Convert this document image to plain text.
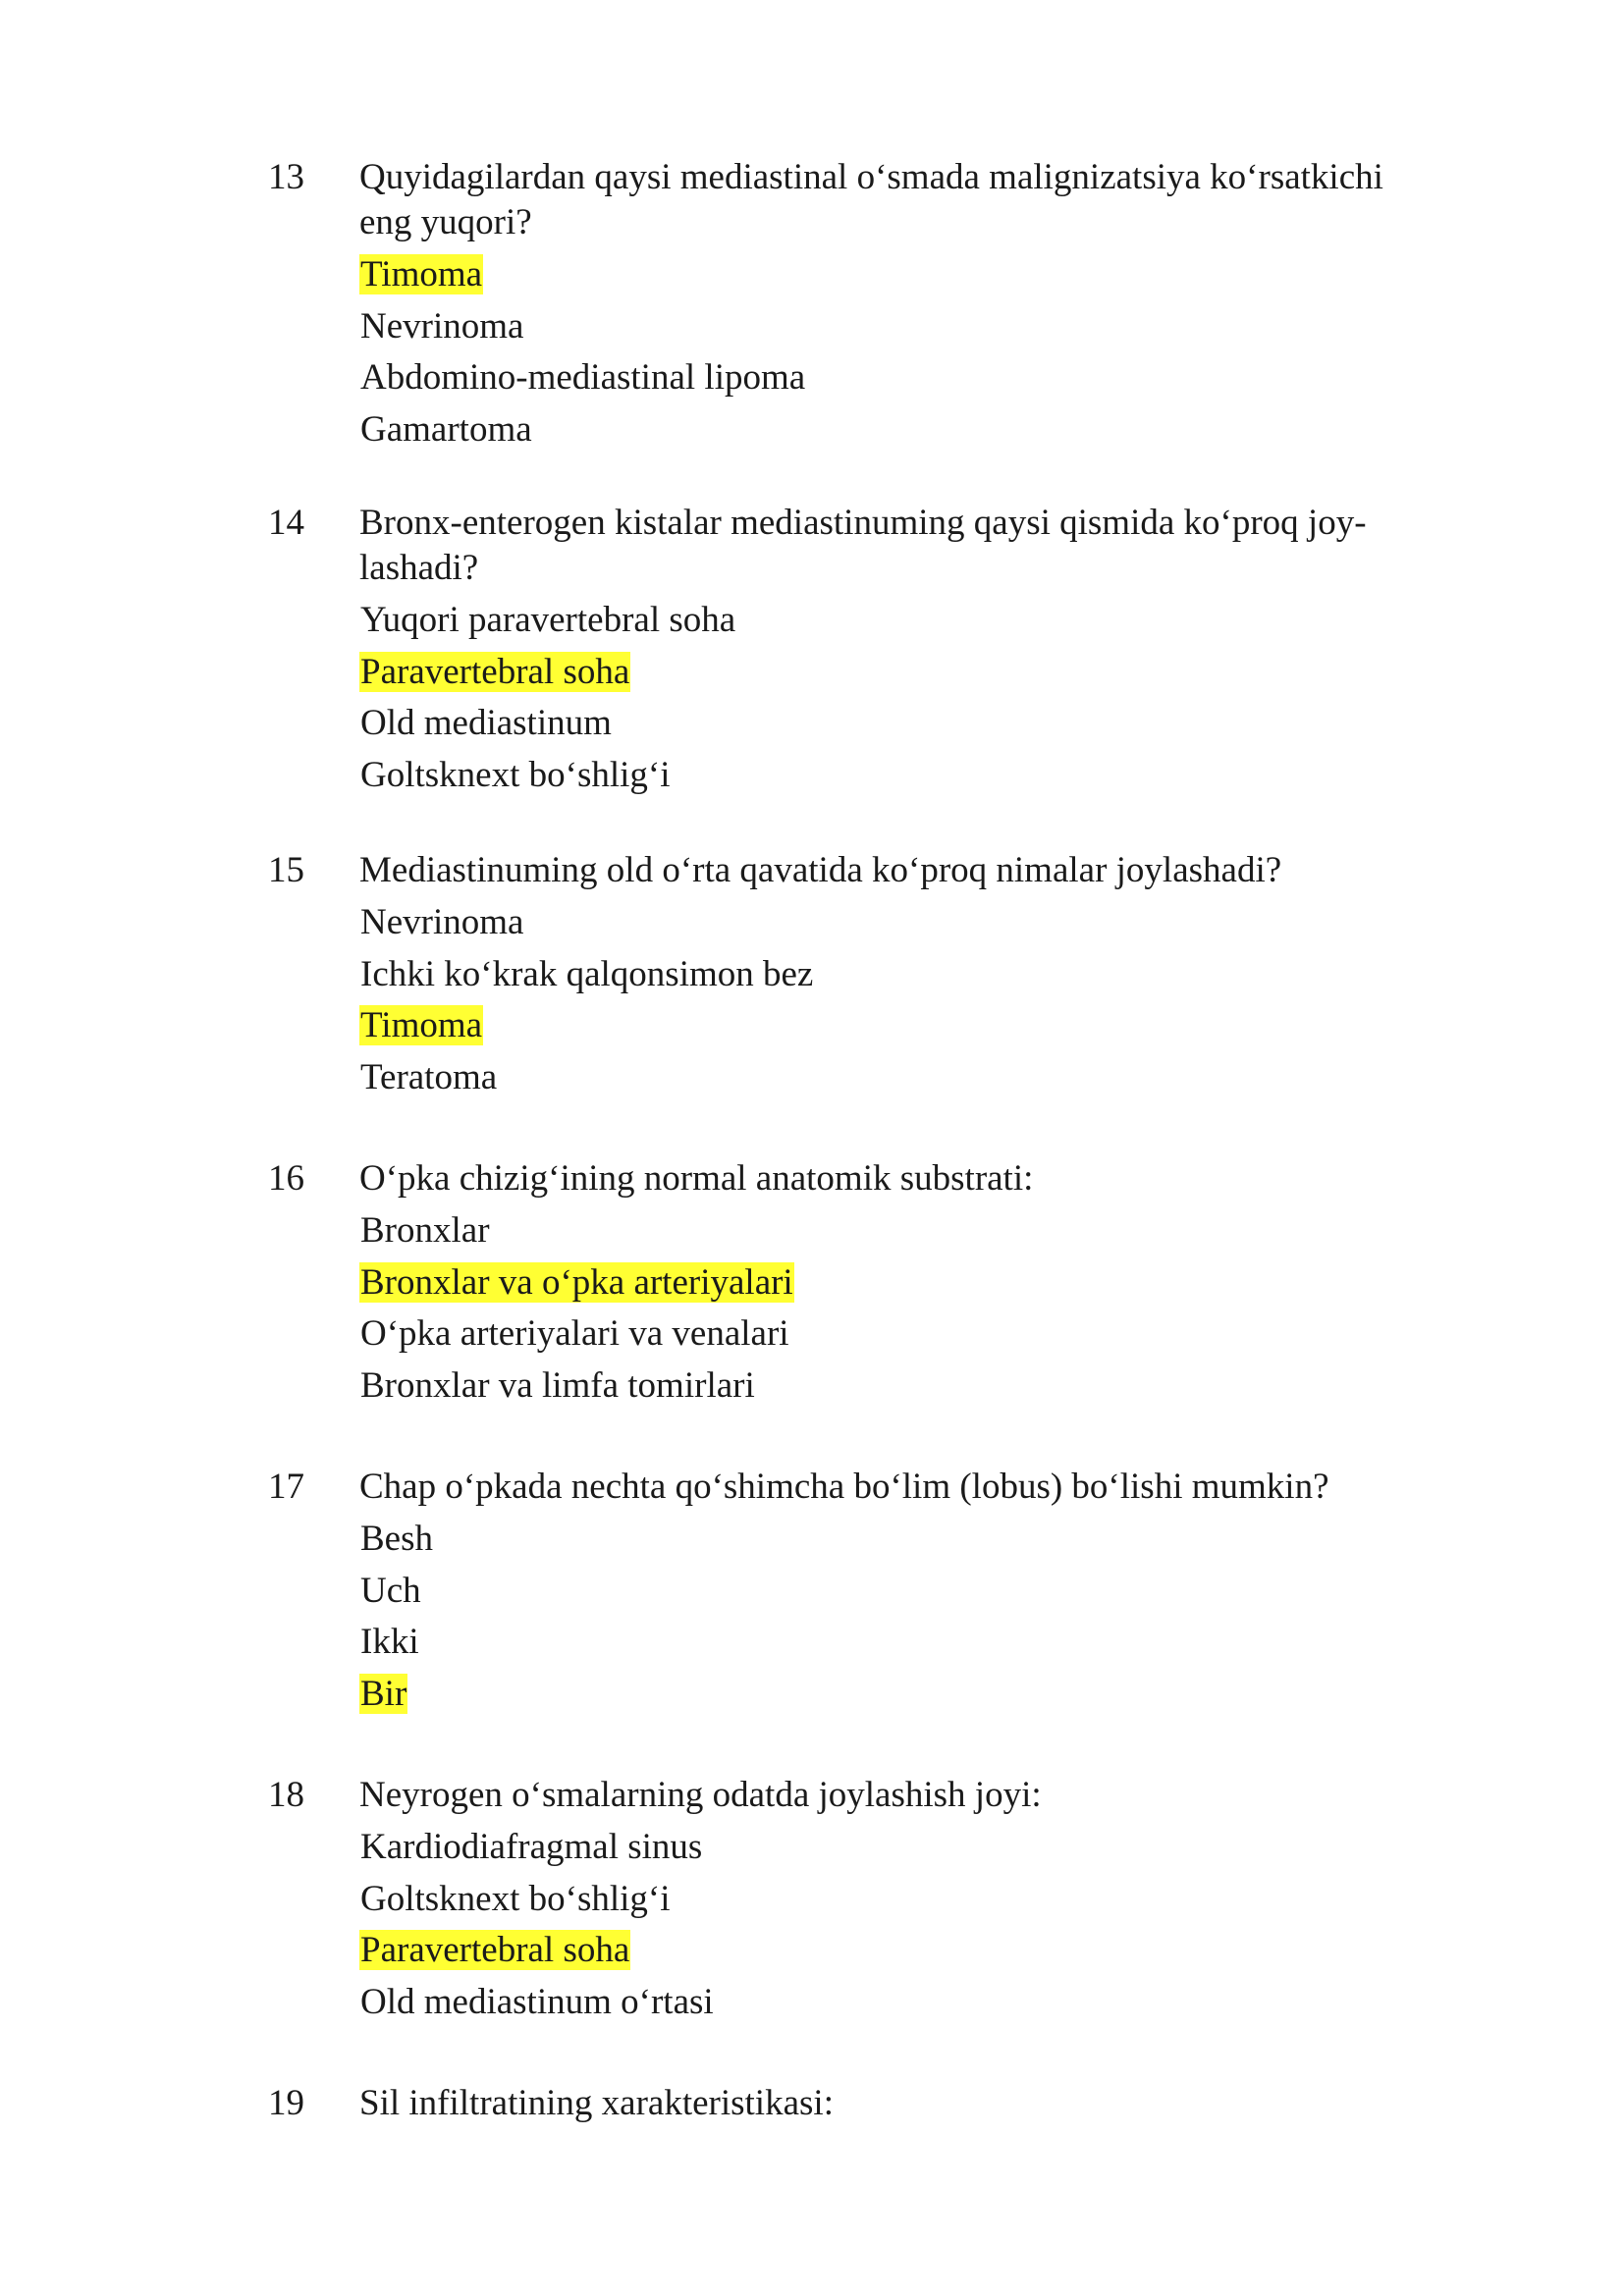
13 Quyidagilardan qaysi mediastinal o‘smada malignizatsiya ko‘rsatkichi
eng yuqori?
Timoma
Nevrinoma
Abdomino-mediastinal lipoma
Gamartoma
14 Bronx-enterogen kistalar mediastinuming qaysi qismida ko‘proq joy-
lashadi?
Yuqori paravertebral soha
Paravertebral soha
Old mediastinum
Goltsknext bo‘shlig‘i
15 Mediastinuming old o‘rta qavatida ko‘proq nimalar joylashadi?
Nevrinoma
Ichki ko‘krak qalqonsimon bez
Timoma
Teratoma
16 O‘pka chizig‘ining normal anatomik substrati:
Bronxlar
Bronxlar va o‘pka arteriyalari
O‘pka arteriyalari va venalari
Bronxlar va limfa tomirlari
17 Chap o‘pkada nechta qo‘shimcha bo‘lim (lobus) bo‘lishi mumkin?
Besh
Uch
Ikki
Bir
18 Neyrogen o‘smalarning odatda joylashish joyi:
Kardiodiafragmal sinus
Goltsknext bo‘shlig‘i
Paravertebral soha
Old mediastinum o‘rtasi
19 Sil infiltratining xarakteristikasi:
